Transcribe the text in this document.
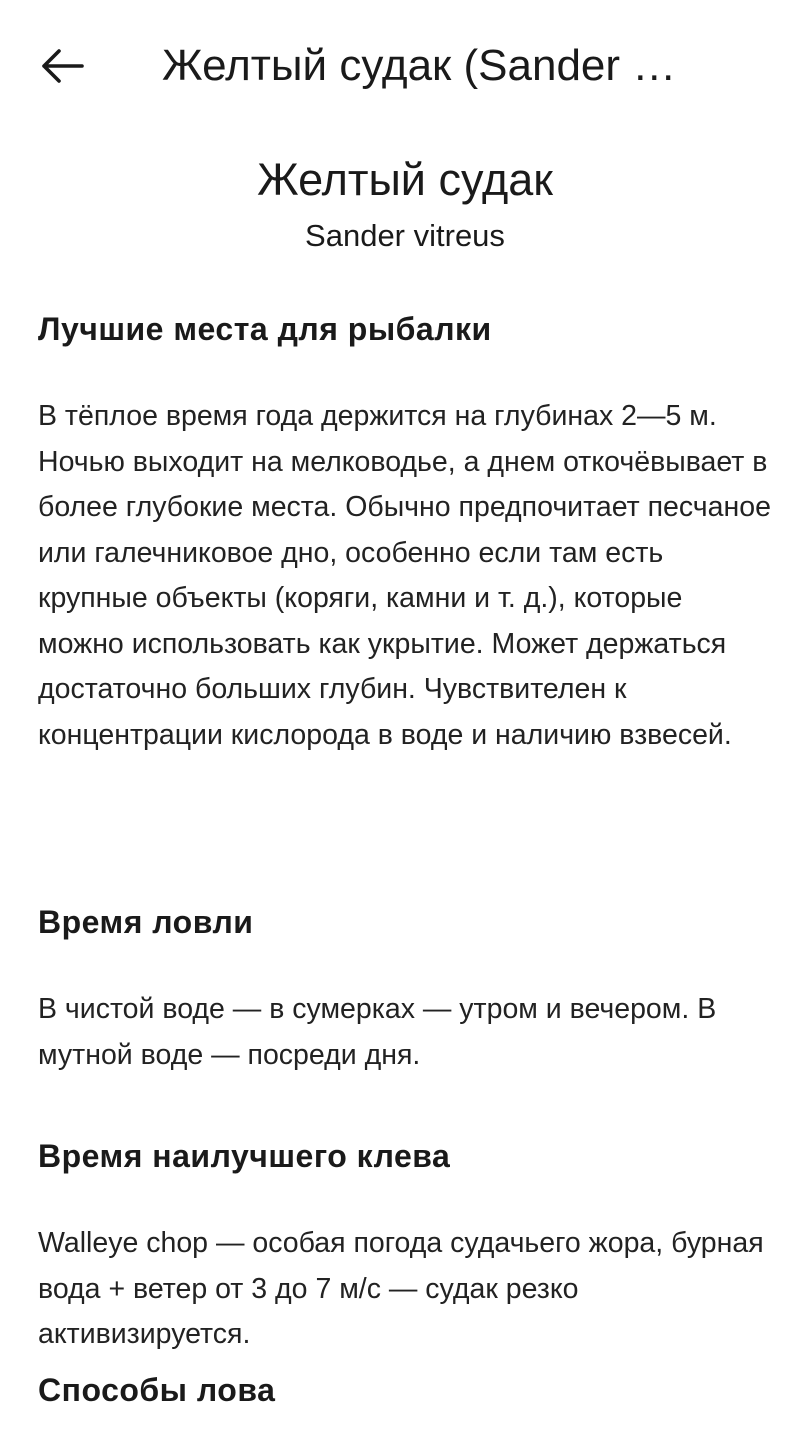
Желтый судак (Sander …
Желтый судак

Sander vitreus

Лучшие места для рыбалки

В тёплое время года держится на глубинах 2—5 м. Ночью выходит на мелководье, а днем откочёвывает в более глубокие места. Обычно предпочитает песчаное или галечниковое дно, особенно если там есть крупные объекты (коряги, камни и т. д.), которые можно использовать как укрытие. Может держаться достаточно больших глубин. Чувствителен к концентрации кислорода в воде и наличию взвесей.

Время ловли

В чистой воде — в сумерках — утром и вечером. В мутной воде — посреди дня.

Время наилучшего клева

Walleye chop — особая погода судачьего жора, бурная вода + ветер от 3 до 7 м/с — судак резко активизируется.

Способы лова
